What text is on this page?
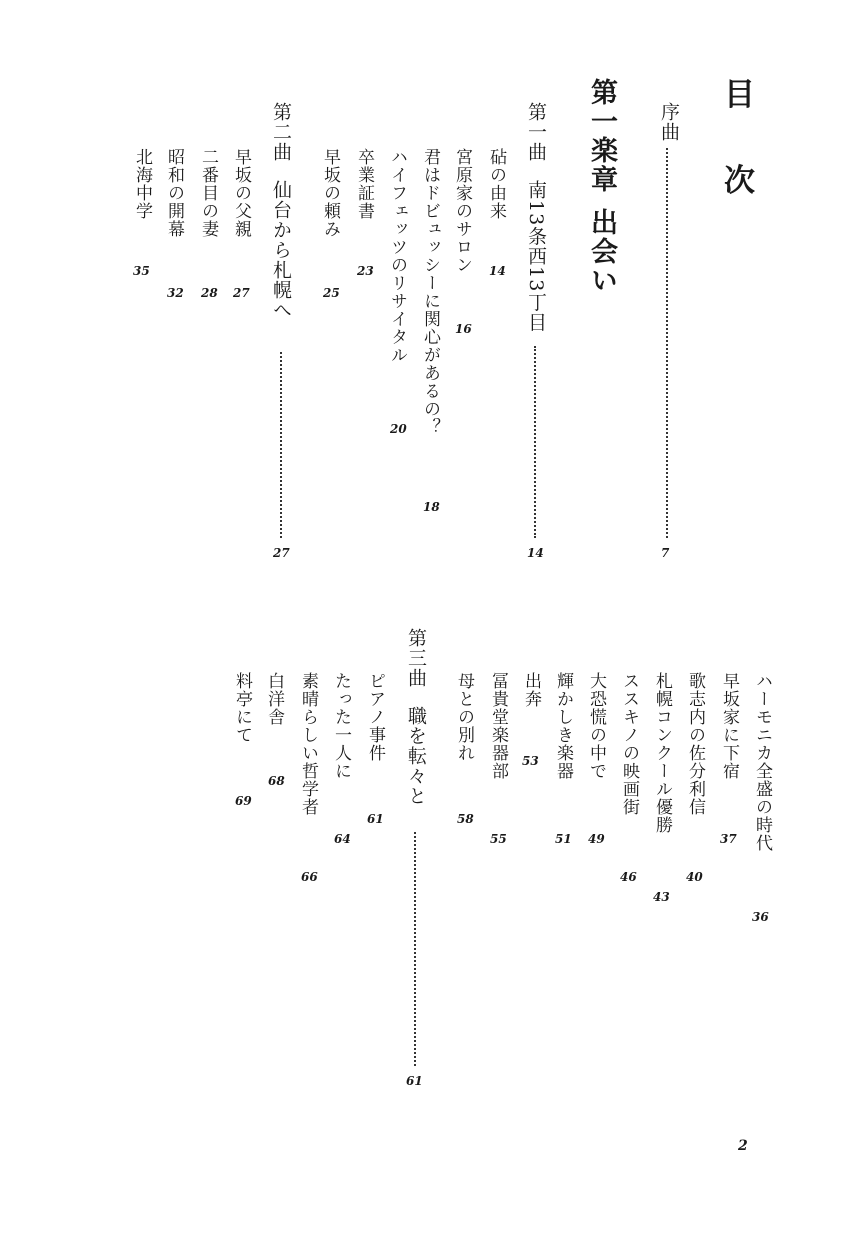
目
次
序曲
7
第一楽章
出会い
第一曲
南13条西13丁目
14
砧の由来
14
宮原家のサロン
16
君はドビュッシーに関心があるの？
18
ハイフェッツのリサイタル
20
卒業証書
23
早坂の頼み
25
第二曲
仙台から札幌へ
27
早坂の父親
27
二番目の妻
28
昭和の開幕
32
北海中学
35
ハーモニカ全盛の時代
36
早坂家に下宿
37
歌志内の佐分利信
40
札幌コンクール優勝
43
ススキノの映画街
46
大恐慌の中で
49
輝かしき楽器
51
出奔
53
冨貴堂楽器部
55
母との別れ
58
第三曲
職を転々と
61
ピアノ事件
61
たった一人に
64
素晴らしい哲学者
66
白洋舎
68
料亭にて
69
2
